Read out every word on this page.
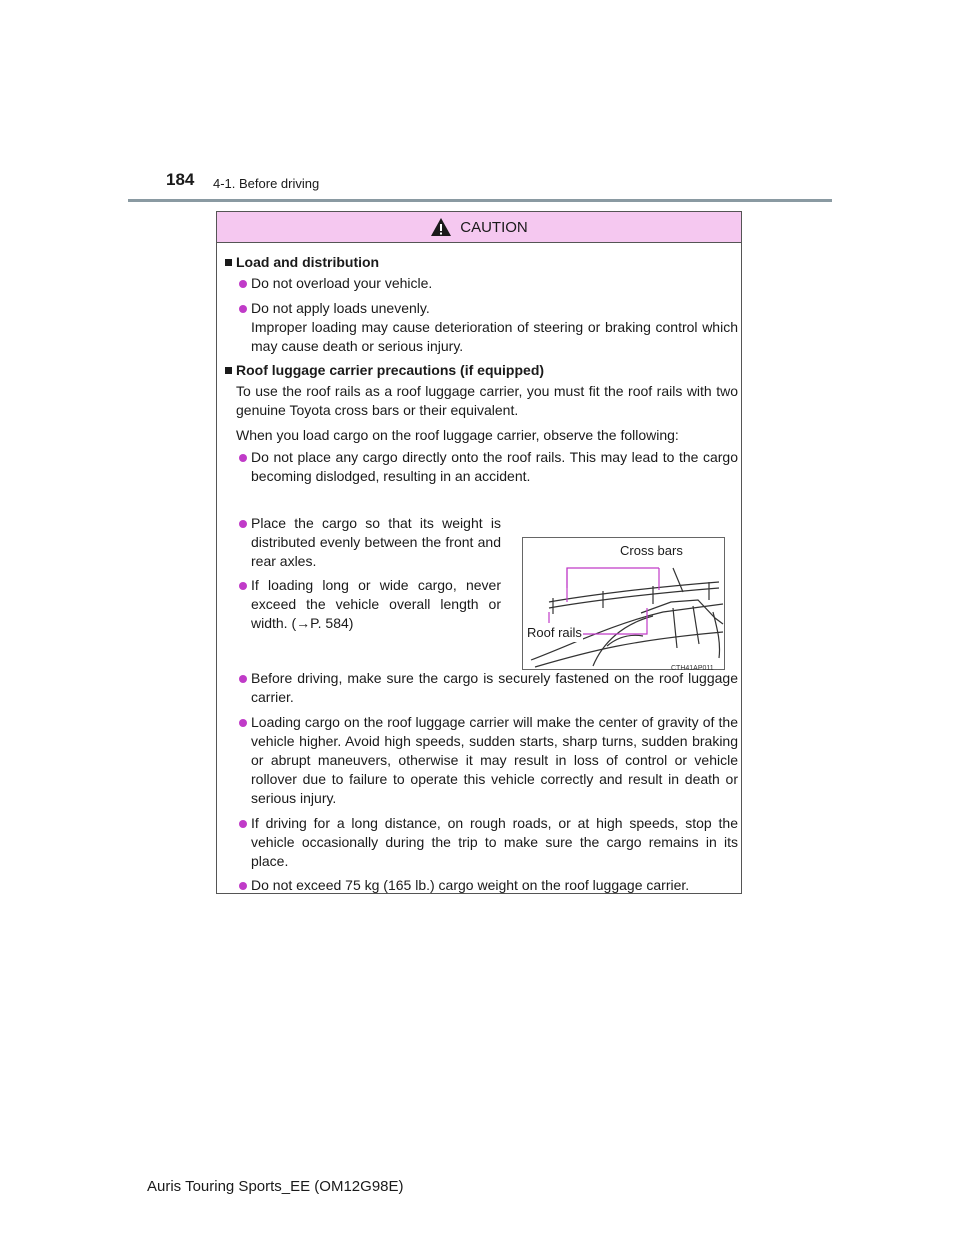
184 4-1. Before driving
CAUTION

Load and distribution

Do not overload your vehicle.

Do not apply loads unevenly.

Improper loading may cause deterioration of steering or braking control which may cause death or serious injury.

Roof luggage carrier precautions (if equipped)

To use the roof rails as a roof luggage carrier, you must fit the roof rails with two genuine Toyota cross bars or their equivalent.

When you load cargo on the roof luggage carrier, observe the following:

Do not place any cargo directly onto the roof rails. This may lead to the cargo becoming dislodged, resulting in an accident.

Place the cargo so that its weight is distributed evenly between the front and rear axles.

If loading long or wide cargo, never exceed the vehicle overall length or width. (→P. 584)

Cross bars
Roof rails
CTH41AP011

Before driving, make sure the cargo is securely fastened on the roof luggage carrier.

Loading cargo on the roof luggage carrier will make the center of gravity of the vehicle higher. Avoid high speeds, sudden starts, sharp turns, sudden braking or abrupt maneuvers, otherwise it may result in loss of control or vehicle rollover due to failure to operate this vehicle correctly and result in death or serious injury.

If driving for a long distance, on rough roads, or at high speeds, stop the vehicle occasionally during the trip to make sure the cargo remains in its place.

Do not exceed 75 kg (165 lb.) cargo weight on the roof luggage carrier.

Auris Touring Sports_EE (OM12G98E)
